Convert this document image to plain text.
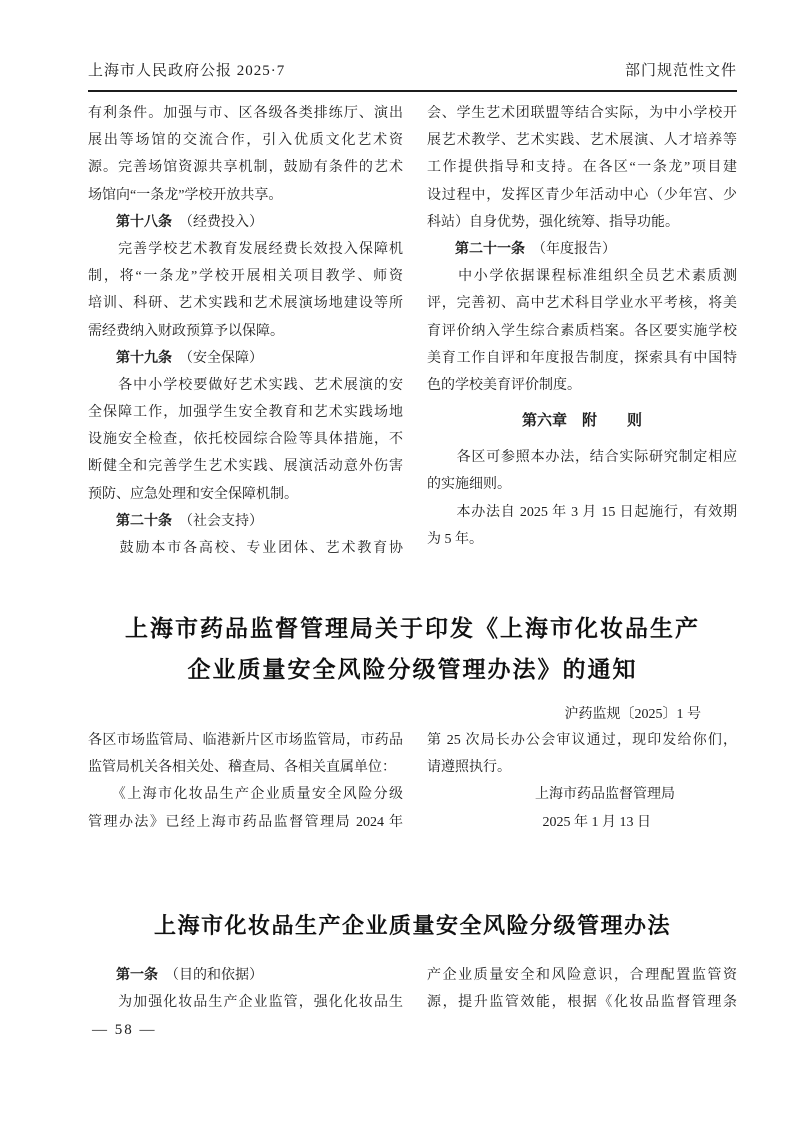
上海市人民政府公报 2025·7	部门规范性文件
有利条件。加强与市、区各级各类排练厅、演出
展出等场馆的交流合作，引入优质文化艺术资
源。完善场馆资源共享机制，鼓励有条件的艺术
场馆向“一条龙”学校开放共享。
　　第十八条　（经费投入）
　　完善学校艺术教育发展经费长效投入保障机
制，将“一条龙”学校开展相关项目教学、师资
培训、科研、艺术实践和艺术展演场地建设等所
需经费纳入财政预算予以保障。
　　第十九条　（安全保障）
　　各中小学校要做好艺术实践、艺术展演的安
全保障工作，加强学生安全教育和艺术实践场地
设施安全检查，依托校园综合险等具体措施，不
断健全和完善学生艺术实践、展演活动意外伤害
预防、应急处理和安全保障机制。
　　第二十条　（社会支持）
　　鼓励本市各高校、专业团体、艺术教育协
会、学生艺术团联盟等结合实际，为中小学校开
展艺术教学、艺术实践、艺术展演、人才培养等
工作提供指导和支持。在各区“一条龙”项目建
设过程中，发挥区青少年活动中心（少年宫、少
科站）自身优势，强化统筹、指导功能。
　　第二十一条　（年度报告）
　　中小学依据课程标准组织全员艺术素质测
评，完善初、高中艺术科目学业水平考核，将美
育评价纳入学生综合素质档案。各区要实施学校
美育工作自评和年度报告制度，探索具有中国特
色的学校美育评价制度。
第六章　附　　则
　　各区可参照本办法，结合实际研究制定相应
的实施细则。
　　本办法自 2025 年 3 月 15 日起施行，有效期
为 5 年。
上海市药品监督管理局关于印发《上海市化妆品生产
企业质量安全风险分级管理办法》的通知
沪药监规〔2025〕1 号
各区市场监管局、临港新片区市场监管局，市药品
监管局机关各相关处、稽查局、各相关直属单位：
　　《上海市化妆品生产企业质量安全风险分级
管理办法》已经上海市药品监督管理局 2024 年
第 25 次局长办公会审议通过，现印发给你们，
请遵照执行。
上海市药品监督管理局
2025 年 1 月 13 日
上海市化妆品生产企业质量安全风险分级管理办法
　　第一条　（目的和依据）
　　为加强化妆品生产企业监管，强化化妆品生
产企业质量安全和风险意识，合理配置监管资
源，提升监管效能，根据《化妆品监督管理条
— 58 —
